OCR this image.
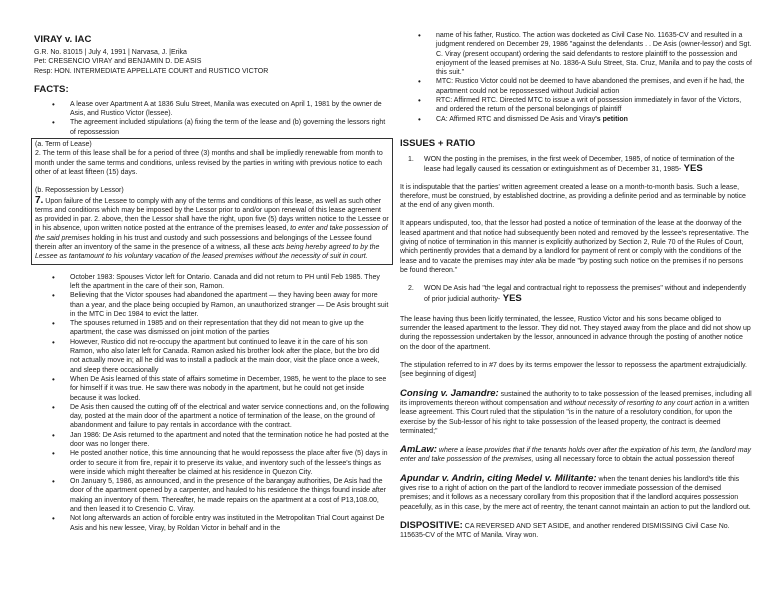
VIRAY v. IAC

G.R. No. 81015 | July 4, 1991 | Narvasa, J. |Erika

Pet: CRESENCIO VIRAY and BENJAMIN D. DE ASIS

Resp: HON. INTERMEDIATE APPELLATE COURT and RUSTICO VICTOR

FACTS:
• A lease over Apartment A at 1836 Sulu Street, Manila was executed on April 1, 1981 by the owner de Asis, and Rustico Victor (lessee).
• The agreement included stipulations (a) fixing the term of the lease and (b) governing the lessors right of repossession

(a. Term of Lease)

2. The term of this lease shall be for a period of three (3) months and shall be impliedly renewable from month to month under the same terms and conditions, unless revised by the parties in writing with previous notice to each other of at least fifteen (15) days.

(b. Repossession by Lessor)

7. Upon failure of the Lessee to comply with any of the terms and conditions of this lease, as well as such other terms and conditions which may be imposed by the Lessor prior to and/or upon renewal of this lease agreement as provided in par. 2. above, then the Lessor shall have the right, upon five (5) days written notice to the Lessee or in his absence, upon written notice posted at the entrance of the premises leased, to enter and take possession of the said premises holding in his trust and custody and such possessions and belongings of the Lessee found therein after an inventory of the same in the presence of a witness, all these acts being hereby agreed to by the Lessee as tantamount to his voluntary vacation of the leased premises without the necessity of suit in court.

• October 1983: Spouses Victor left for Ontario. Canada and did not return to PH until Feb 1985. They left the apartment in the care of their son, Ramon.
• Believing that the Victor spouses had abandoned the apartment — they having been away for more than a year, and the place being occupied by Ramon, an unauthorized stranger — De Asis brought suit in the MTC in Dec 1984 to evict the latter.
• The spouses returned in 1985 and on their representation that they did not mean to give up the apartment, the case was dismissed on joint motion of the parties
• However, Rustico did not re-occupy the apartment but continued to leave it in the care of his son Ramon, who also later left for Canada. Ramon asked his brother look after the place, but the bro did not actually move in; all he did was to install a padlock at the main door, visit the place once a week, and sleep there occasionally
• When De Asis learned of this state of affairs sometime in December, 1985, he went to the place to see for himself if it was true. He saw there was nobody in the apartment, but he could not get inside because it was locked.
• De Asis then caused the cutting off of the electrical and water service connections and, on the following day, posted at the main door of the apartment a notice of termination of the lease, on the ground of abandonment and failure to pay rentals in accordance with the contract.
• Jan 1986: De Asis returned to the apartment and noted that the termination notice he had posted at the door was no longer there.
• He posted another notice, this time announcing that he would repossess the place after five (5) days in order to secure it from fire, repair it to preserve its value, and inventory such of the lessee's things as were inside which might thereafter be claimed at his residence in Quezon City.
• On January 5, 1986, as announced, and in the presence of the barangay authorities, De Asis had the door of the apartment opened by a carpenter, and hauled to his residence the things found inside after making an inventory of them. Thereafter, he made repairs on the apartment at a cost of P13,108.00, and then leased it to Cresencio C. Viray.
• Not long afterwards an action of forcible entry was instituted in the Metropolitan Trial Court against De Asis and his new lessee, Viray, by Roldan Victor in behalf and in the
• name of his father, Rustico. The action was docketed as Civil Case No. 11635-CV and resulted in a judgment rendered on December 29, 1986 "against the defendants . . De Asis (owner-lessor) and Sgt. C. Viray (present occupant) ordering the said defendants to restore plaintiff to the possession and enjoyment of the leased premises at No. 1836-A Sulu Street, Sta. Cruz, Manila and to pay the costs of this suit."
• MTC: Rustico Victor could not be deemed to have abandoned the premises, and even if he had, the apartment could not be repossessed without Judicial action
• RTC: Affirmed RTC. Directed MTC to issue a writ of possession immediately in favor of the Victors, and ordered the return of the personal belongings of plaintiff
• CA: Affirmed RTC and dismissed De Asis and Viray's petition
ISSUES + RATIO
1. WON the posting in the premises, in the first week of December, 1985, of notice of termination of the lease had legally caused its cessation or extinguishment as of December 31, 1985- YES

It is indisputable that the parties' written agreement created a lease on a month-to-month basis. Such a lease, therefore, must be construed, by established doctrine, as providing a definite period and as terminable by notice at the end of any given month.

It appears undisputed, too, that the lessor had posted a notice of termination of the lease at the doorway of the leased apartment and that notice had subsequently been noted and removed by the lessee's representative. The giving of notice of termination in this manner is explicitly authorized by Section 2, Rule 70 of the Rules of Court, which pertinently provides that a demand by a landlord for payment of rent or comply with the conditions of the lease and to vacate the premises may inter alia be made "by posting such notice on the premises if no persons be found thereon."

2. WON De Asis had "the legal and contractual right to repossess the premises" without and independently of prior judicial authority- YES

The lease having thus been licitly terminated, the lessee, Rustico Victor and his sons became obliged to surrender the leased apartment to the lessor. They did not. They stayed away from the place and did not show up during the repossession undertaken by the lessor, announced in advance through the posting of another notice on the door of the apartment.

The stipulation referred to in #7 does by its terms empower the lessor to repossess the apartment extrajudicially. [see beginning of digest]

Consing v. Jamandre: sustained the authority to to take possession of the leased premises, including all its improvements thereon without compensation and without necessity of resorting to any court action in a written lease agreement. This Court ruled that the stipulation "is in the nature of a resolutory condition, for upon the exercise by the Sub-lessor of his right to take possession of the leased property, the contract is deemed terminated;"

AmLaw: where a lease provides that if the tenants holds over after the expiration of his term, the landlord may enter and take possession of the premises, using all necessary force to obtain the actual possession thereof

Apundar v. Andrin, citing Medel v. Militante: when the tenant denies his landlord's title this gives rise to a right of action on the part of the landlord to recover immediate possession of the demised premises; and it follows as a necessary corollary from this proposition that if the landlord acquires possession peacefully, as in this case, by the mere act of reentry, the tenant cannot maintain an action to put the landlord out.

DISPOSITIVE: CA REVERSED AND SET ASIDE, and another rendered DISMISSING Civil Case No. 115635-CV of the MTC of Manila. Viray won.
